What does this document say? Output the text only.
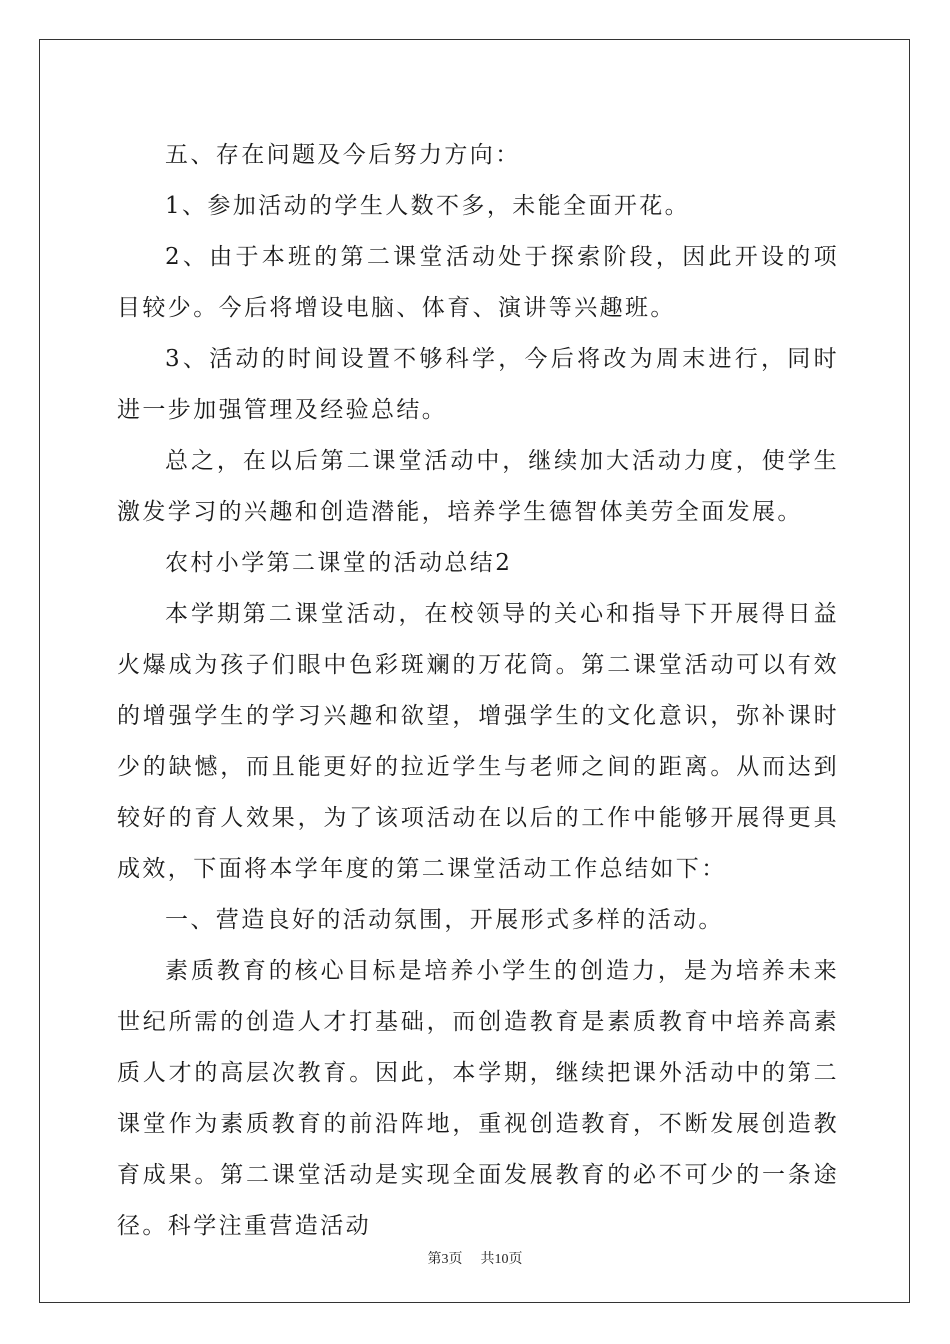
五、存在问题及今后努力方向：

1、参加活动的学生人数不多，未能全面开花。

2、由于本班的第二课堂活动处于探索阶段，因此开设的项目较少。今后将增设电脑、体育、演讲等兴趣班。

3、活动的时间设置不够科学，今后将改为周末进行，同时进一步加强管理及经验总结。

总之，在以后第二课堂活动中，继续加大活动力度，使学生激发学习的兴趣和创造潜能，培养学生德智体美劳全面发展。

农村小学第二课堂的活动总结2

本学期第二课堂活动，在校领导的关心和指导下开展得日益火爆成为孩子们眼中色彩斑斓的万花筒。第二课堂活动可以有效的增强学生的学习兴趣和欲望，增强学生的文化意识，弥补课时少的缺憾，而且能更好的拉近学生与老师之间的距离。从而达到较好的育人效果，为了该项活动在以后的工作中能够开展得更具成效，下面将本学年度的第二课堂活动工作总结如下：

一、营造良好的活动氛围，开展形式多样的活动。

素质教育的核心目标是培养小学生的创造力，是为培养未来世纪所需的创造人才打基础，而创造教育是素质教育中培养高素质人才的高层次教育。因此，本学期，继续把课外活动中的第二课堂作为素质教育的前沿阵地，重视创造教育，不断发展创造教育成果。第二课堂活动是实现全面发展教育的必不可少的一条途径。科学注重营造活动

第3页 共10页
